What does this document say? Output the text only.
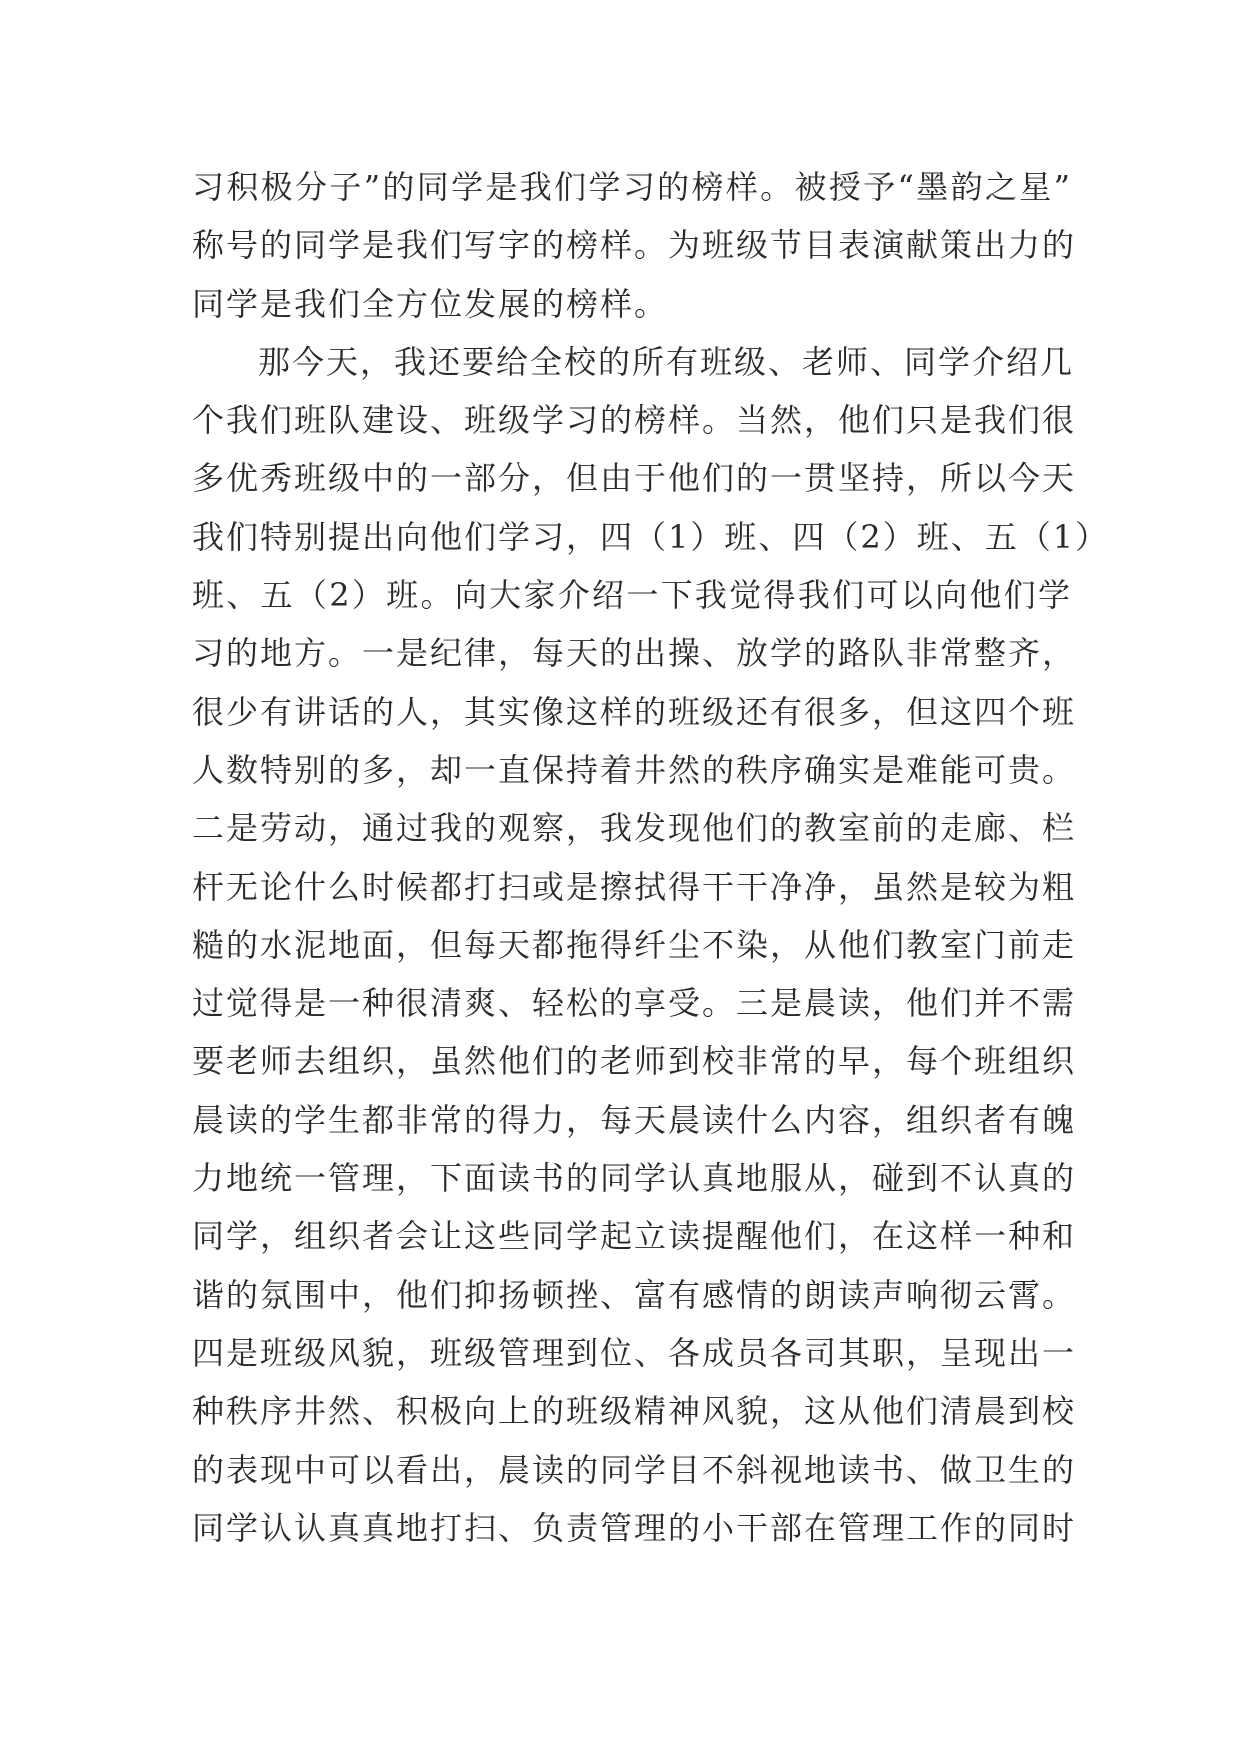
习积极分子”的同学是我们学习的榜样。被授予“墨韵之星”
称号的同学是我们写字的榜样。为班级节目表演献策出力的
同学是我们全方位发展的榜样。
那今天，我还要给全校的所有班级、老师、同学介绍几
个我们班队建设、班级学习的榜样。当然，他们只是我们很
多优秀班级中的一部分，但由于他们的一贯坚持，所以今天
我们特别提出向他们学习，四（1）班、四（2）班、五（1）
班、五（2）班。向大家介绍一下我觉得我们可以向他们学
习的地方。一是纪律，每天的出操、放学的路队非常整齐，
很少有讲话的人，其实像这样的班级还有很多，但这四个班
人数特别的多，却一直保持着井然的秩序确实是难能可贵。
二是劳动，通过我的观察，我发现他们的教室前的走廊、栏
杆无论什么时候都打扫或是擦拭得干干净净，虽然是较为粗
糙的水泥地面，但每天都拖得纤尘不染，从他们教室门前走
过觉得是一种很清爽、轻松的享受。三是晨读，他们并不需
要老师去组织，虽然他们的老师到校非常的早，每个班组织
晨读的学生都非常的得力，每天晨读什么内容，组织者有魄
力地统一管理，下面读书的同学认真地服从，碰到不认真的
同学，组织者会让这些同学起立读提醒他们，在这样一种和
谐的氛围中，他们抑扬顿挫、富有感情的朗读声响彻云霄。
四是班级风貌，班级管理到位、各成员各司其职，呈现出一
种秩序井然、积极向上的班级精神风貌，这从他们清晨到校
的表现中可以看出，晨读的同学目不斜视地读书、做卫生的
同学认认真真地打扫、负责管理的小干部在管理工作的同时
